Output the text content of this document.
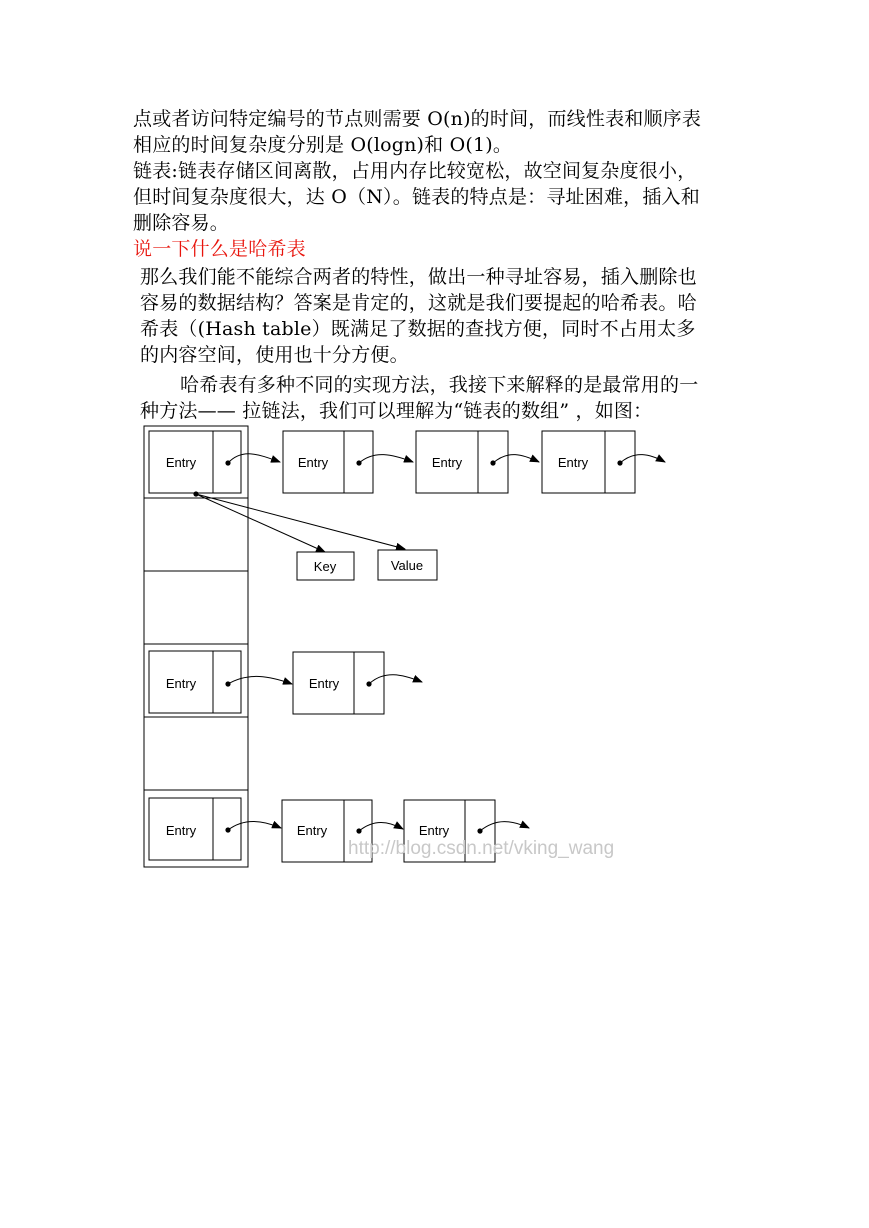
点或者访问特定编号的节点则需要 O(n)的时间，而线性表和顺序表
相应的时间复杂度分别是 O(logn)和 O(1)。
链表:链表存储区间离散，占用内存比较宽松，故空间复杂度很小，
但时间复杂度很大，达 O（N）。链表的特点是：寻址困难，插入和
删除容易。
说一下什么是哈希表
那么我们能不能综合两者的特性，做出一种寻址容易，插入删除也
容易的数据结构？答案是肯定的，这就是我们要提起的哈希表。哈
希表（(Hash table）既满足了数据的查找方便，同时不占用太多
的内容空间，使用也十分方便。
哈希表有多种不同的实现方法，我接下来解释的是最常用的一
种方法—— 拉链法，我们可以理解为“链表的数组” ，如图：
Entry	Entry	Entry	Entry
Key	Value
Entry	Entry
Entry	Entry	Entry
http://blog.csdn.net/vking_wang
